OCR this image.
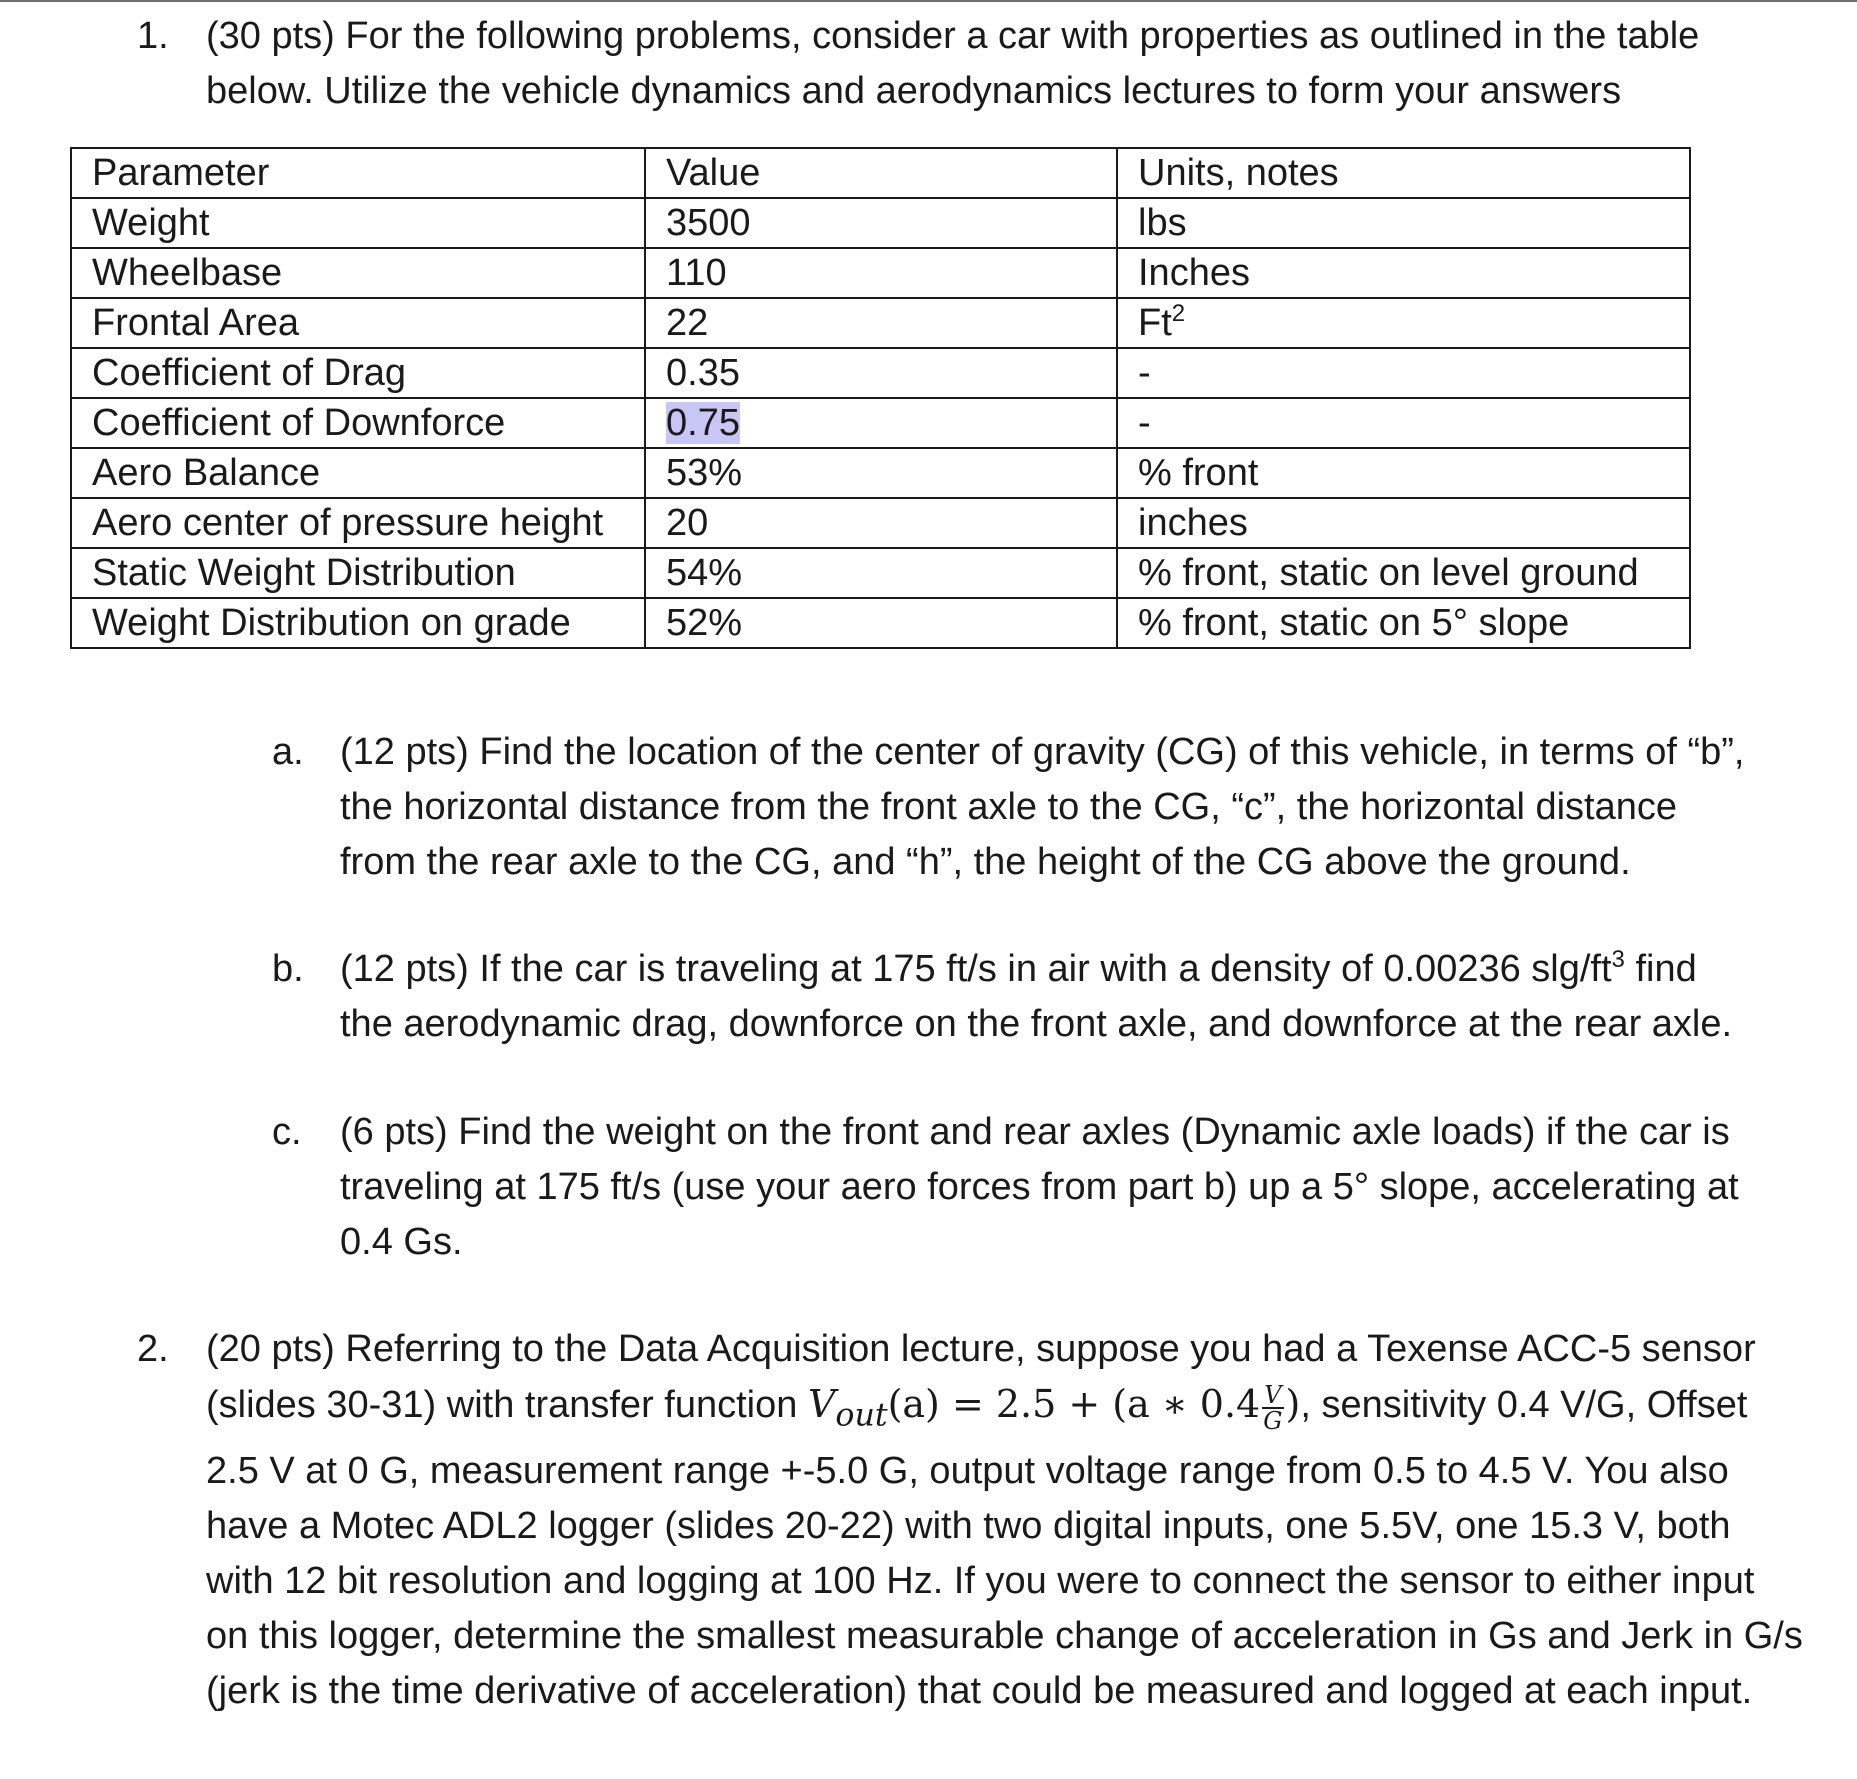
1. (30 pts) For the following problems, consider a car with properties as outlined in the table below. Utilize the vehicle dynamics and aerodynamics lectures to form your answers

Parameter	Value	Units, notes
Weight	3500	lbs
Wheelbase	110	Inches
Frontal Area	22	Ft$^2$
Coefficient of Drag	0.35	-
Coefficient of Downforce	0.75	-
Aero Balance	53%	% front
Aero center of pressure height	20	inches
Static Weight Distribution	54%	% front, static on level ground
Weight Distribution on grade	52%	% front, static on 5° slope
a. (12 pts) Find the location of the center of gravity (CG) of this vehicle, in terms of “b”, the horizontal distance from the front axle to the CG, “c”, the horizontal distance from the rear axle to the CG, and “h”, the height of the CG above the ground.

b. (12 pts) If the car is traveling at 175 ft/s in air with a density of 0.00236 slg/$ft^3$ find the aerodynamic drag, downforce on the front axle, and downforce at the rear axle.

c. (6 pts) Find the weight on the front and rear axles (Dynamic axle loads) if the car is traveling at 175 ft/s (use your aero forces from part b) up a 5° slope, accelerating at 0.4 Gs.

2. (20 pts) Referring to the Data Acquisition lecture, suppose you had a Texense ACC-5 sensor (slides 30-31) with transfer function $V_{out}(a) = 2.5 + (a$ ∗ $0.4 \frac{V}{G}$ ), sensitivity 0.4 V/G, Offset 2.5 V at 0 G, measurement range +-5.0 G, output voltage range from 0.5 to 4.5 V. You also have a Motec ADL2 logger (slides 20-22) with two digital inputs, one 5.5V, one 15.3 V, both with 12 bit resolution and logging at 100 Hz. If you were to connect the sensor to either input on this logger, determine the smallest measurable change of acceleration in Gs and Jerk in G/s (jerk is the time derivative of acceleration) that could be measured and logged at each input.
